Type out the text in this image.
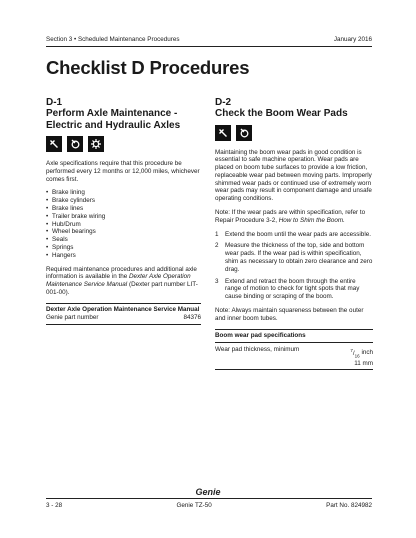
Section 3 • Scheduled Maintenance Procedures	January 2016
Checklist D Procedures
D-1
Perform Axle Maintenance - Electric and Hydraulic Axles

Axle specifications require that this procedure be performed every 12 months or 12,000 miles, whichever comes first.

• Brake lining
• Brake cylinders
• Brake lines
• Trailer brake wiring
• Hub/Drum
• Wheel bearings
• Seals
• Springs
• Hangers

Required maintenance procedures and additional axle information is available in the Dexter Axle Operation Maintenance Service Manual (Dexter part number LIT-001-00).

Dexter Axle Operation Maintenance Service Manual
Genie part number	84376
D-2
Check the Boom Wear Pads

Maintaining the boom wear pads in good condition is essential to safe machine operation. Wear pads are placed on boom tube surfaces to provide a low friction, replaceable wear pad between moving parts. Improperly shimmed wear pads or continued use of extremely worn wear pads may result in component damage and unsafe operating conditions.

Note: If the wear pads are within specification, refer to Repair Procedure 3-2, How to Shim the Boom.

1	Extend the boom until the wear pads are accessible.
2	Measure the thickness of the top, side and bottom wear pads. If the wear pad is within specification, shim as necessary to obtain zero clearance and zero drag.
3	Extend and retract the boom through the entire range of motion to check for tight spots that may cause binding or scraping of the boom.

Note: Always maintain squareness between the outer and inner boom tubes.

Boom wear pad specifications
Wear pad thickness, minimum	$^7/_{16}$ inch
11 mm
Genie
3 - 28	Genie TZ-50	Part No. 824982
